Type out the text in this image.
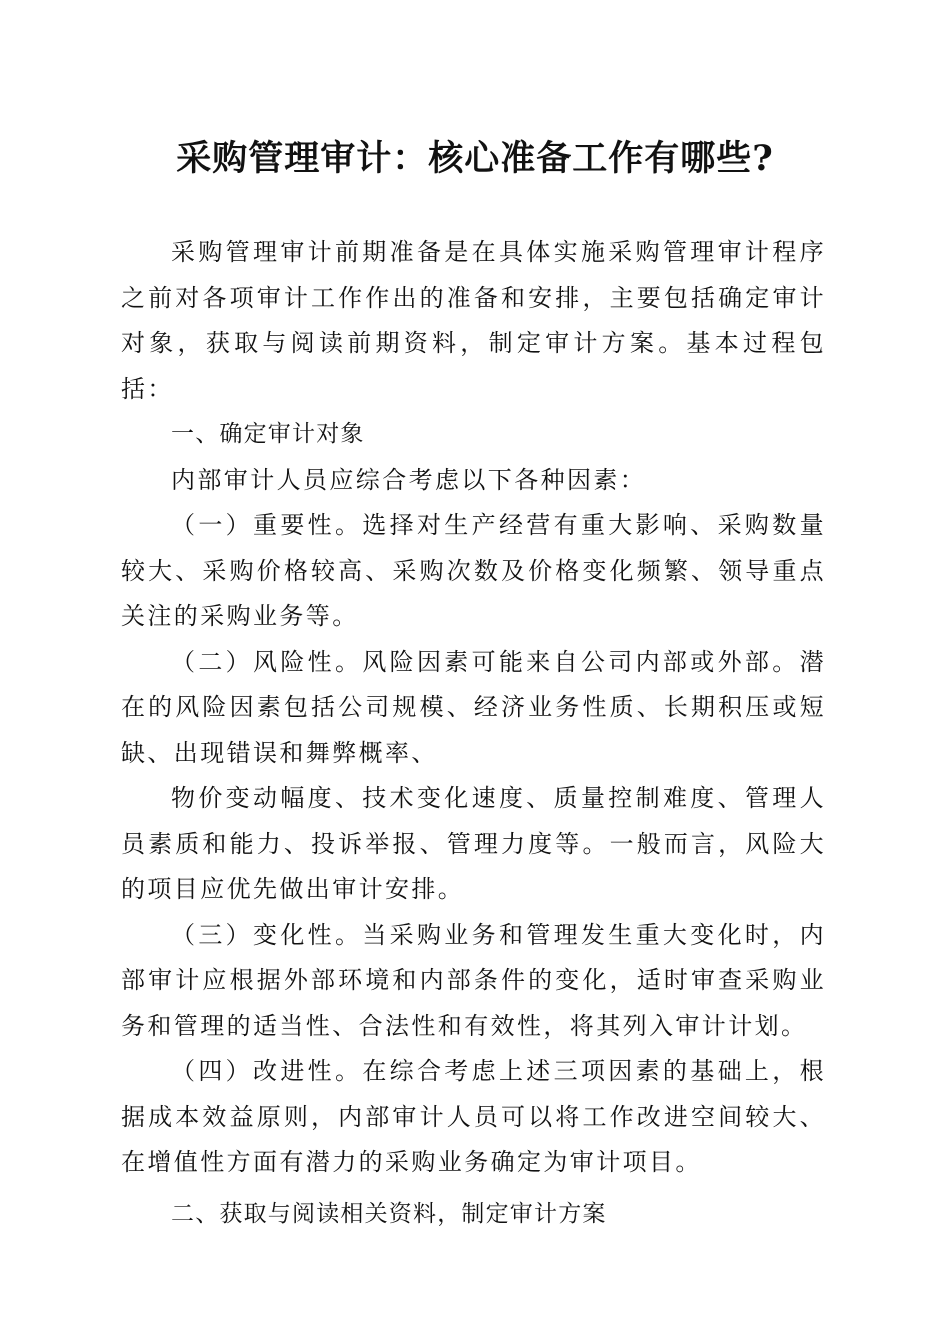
采购管理审计：核心准备工作有哪些?

采购管理审计前期准备是在具体实施采购管理审计程序之前对各项审计工作作出的准备和安排，主要包括确定审计对象，获取与阅读前期资料，制定审计方案。基本过程包括：

一、确定审计对象

内部审计人员应综合考虑以下各种因素：

（一）重要性。选择对生产经营有重大影响、采购数量较大、采购价格较高、采购次数及价格变化频繁、领导重点关注的采购业务等。

（二）风险性。风险因素可能来自公司内部或外部。潜在的风险因素包括公司规模、经济业务性质、长期积压或短缺、出现错误和舞弊概率、

物价变动幅度、技术变化速度、质量控制难度、管理人员素质和能力、投诉举报、管理力度等。一般而言，风险大的项目应优先做出审计安排。

（三）变化性。当采购业务和管理发生重大变化时，内部审计应根据外部环境和内部条件的变化，适时审查采购业务和管理的适当性、合法性和有效性，将其列入审计计划。

（四）改进性。在综合考虑上述三项因素的基础上，根据成本效益原则，内部审计人员可以将工作改进空间较大、在增值性方面有潜力的采购业务确定为审计项目。

二、获取与阅读相关资料，制定审计方案
